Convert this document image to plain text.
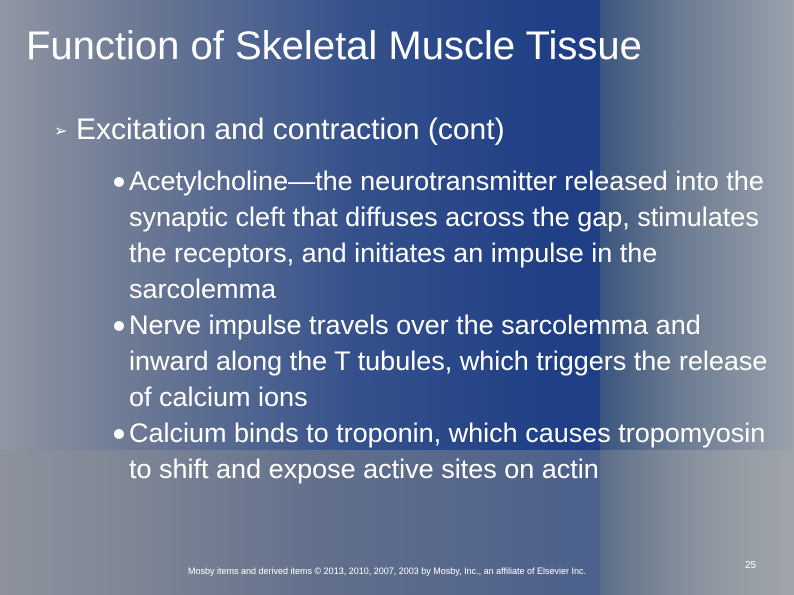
Function of Skeletal Muscle Tissue
➢ Excitation and contraction (cont)
Acetylcholine—the neurotransmitter released into the synaptic cleft that diffuses across the gap, stimulates the receptors, and initiates an impulse in the sarcolemma
Nerve impulse travels over the sarcolemma and inward along the T tubules, which triggers the release of calcium ions
Calcium binds to troponin, which causes tropomyosin to shift and expose active sites on actin
Mosby items and derived items © 2013, 2010, 2007, 2003 by Mosby, Inc., an affiliate of Elsevier Inc.	25
